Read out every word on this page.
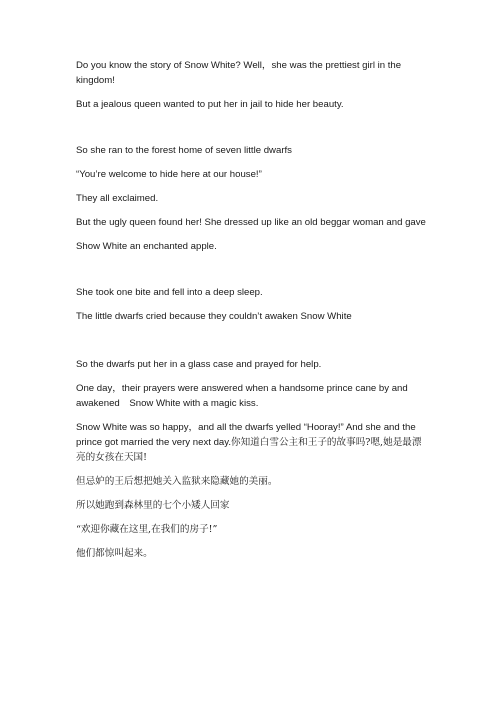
Do you know the story of Snow White? Well，she was the prettiest girl in the kingdom!

But a jealous queen wanted to put her in jail to hide her beauty.

So she ran to the forest home of seven little dwarfs

“You’re welcome to hide here at our house!”

They all exclaimed.

But the ugly queen found her! She dressed up like an old beggar woman and gave

Show White an enchanted apple.

She took one bite and fell into a deep sleep.

The little dwarfs cried because they couldn’t awaken Snow White

So the dwarfs put her in a glass case and prayed for help.

One day，their prayers were answered when a handsome prince cane by and awakened　Snow White with a magic kiss.

Snow White was so happy，and all the dwarfs yelled “Hooray!” And she and the prince got married the very next day.你知道白雪公主和王子的故事吗?嗯,她是最漂亮的女孩在天国!

但忌妒的王后想把她关入监狱来隐藏她的美丽。

所以她跑到森林里的七个小矮人回家

“欢迎你藏在这里,在我们的房子!”

他们都惊叫起来。
